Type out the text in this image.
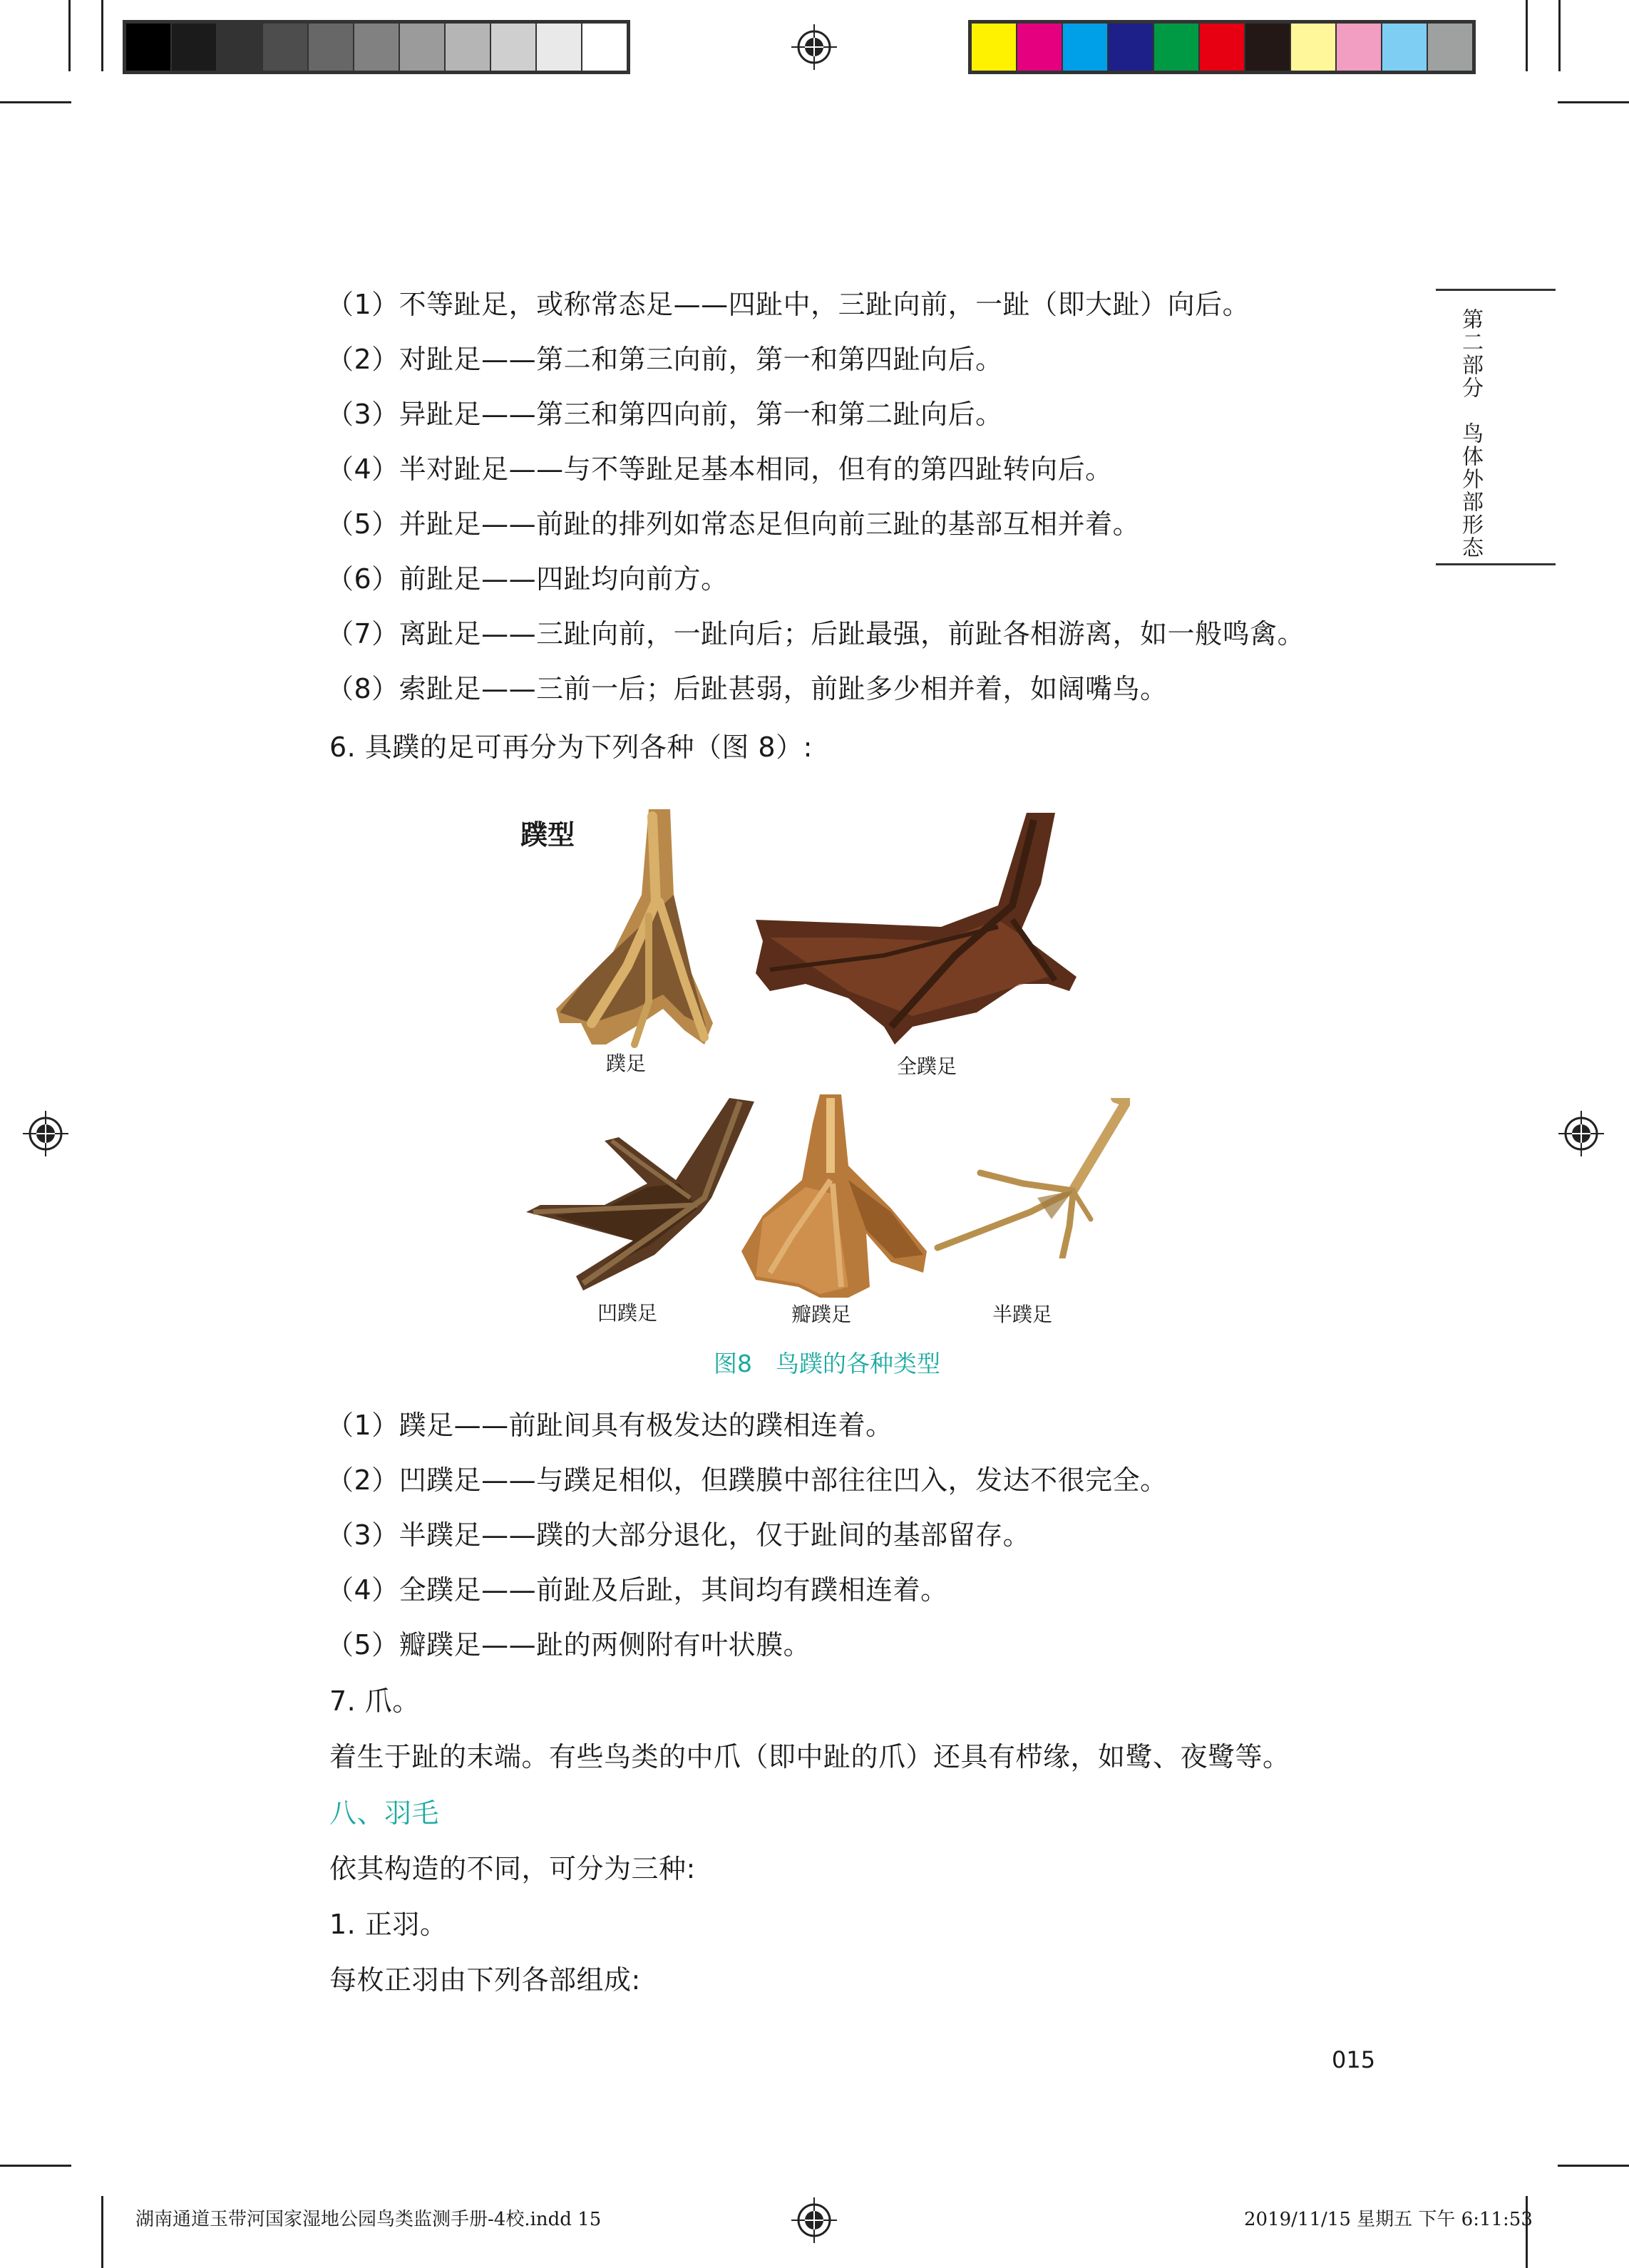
第二部分　鸟体外部形态
（1）不等趾足，或称常态足——四趾中，三趾向前，一趾（即大趾）向后。
（2）对趾足——第二和第三向前，第一和第四趾向后。
（3）异趾足——第三和第四向前，第一和第二趾向后。
（4）半对趾足——与不等趾足基本相同，但有的第四趾转向后。
（5）并趾足——前趾的排列如常态足但向前三趾的基部互相并着。
（6）前趾足——四趾均向前方。
（7）离趾足——三趾向前，一趾向后；后趾最强，前趾各相游离，如一般鸣禽。
（8）索趾足——三前一后；后趾甚弱，前趾多少相并着，如阔嘴鸟。
6. 具蹼的足可再分为下列各种（图 8）:
蹼型
蹼足	全蹼足
凹蹼足	瓣蹼足	半蹼足
图8　鸟蹼的各种类型
（1）蹼足——前趾间具有极发达的蹼相连着。
（2）凹蹼足——与蹼足相似，但蹼膜中部往往凹入，发达不很完全。
（3）半蹼足——蹼的大部分退化，仅于趾间的基部留存。
（4）全蹼足——前趾及后趾，其间均有蹼相连着。
（5）瓣蹼足——趾的两侧附有叶状膜。
7. 爪。
着生于趾的末端。有些鸟类的中爪（即中趾的爪）还具有栉缘，如鹭、夜鹭等。
八、羽毛
依其构造的不同，可分为三种:
1. 正羽。
每枚正羽由下列各部组成:
015
湖南通道玉带河国家湿地公园鸟类监测手册-4校.indd 15	2019/11/15 星期五 下午 6:11:53
